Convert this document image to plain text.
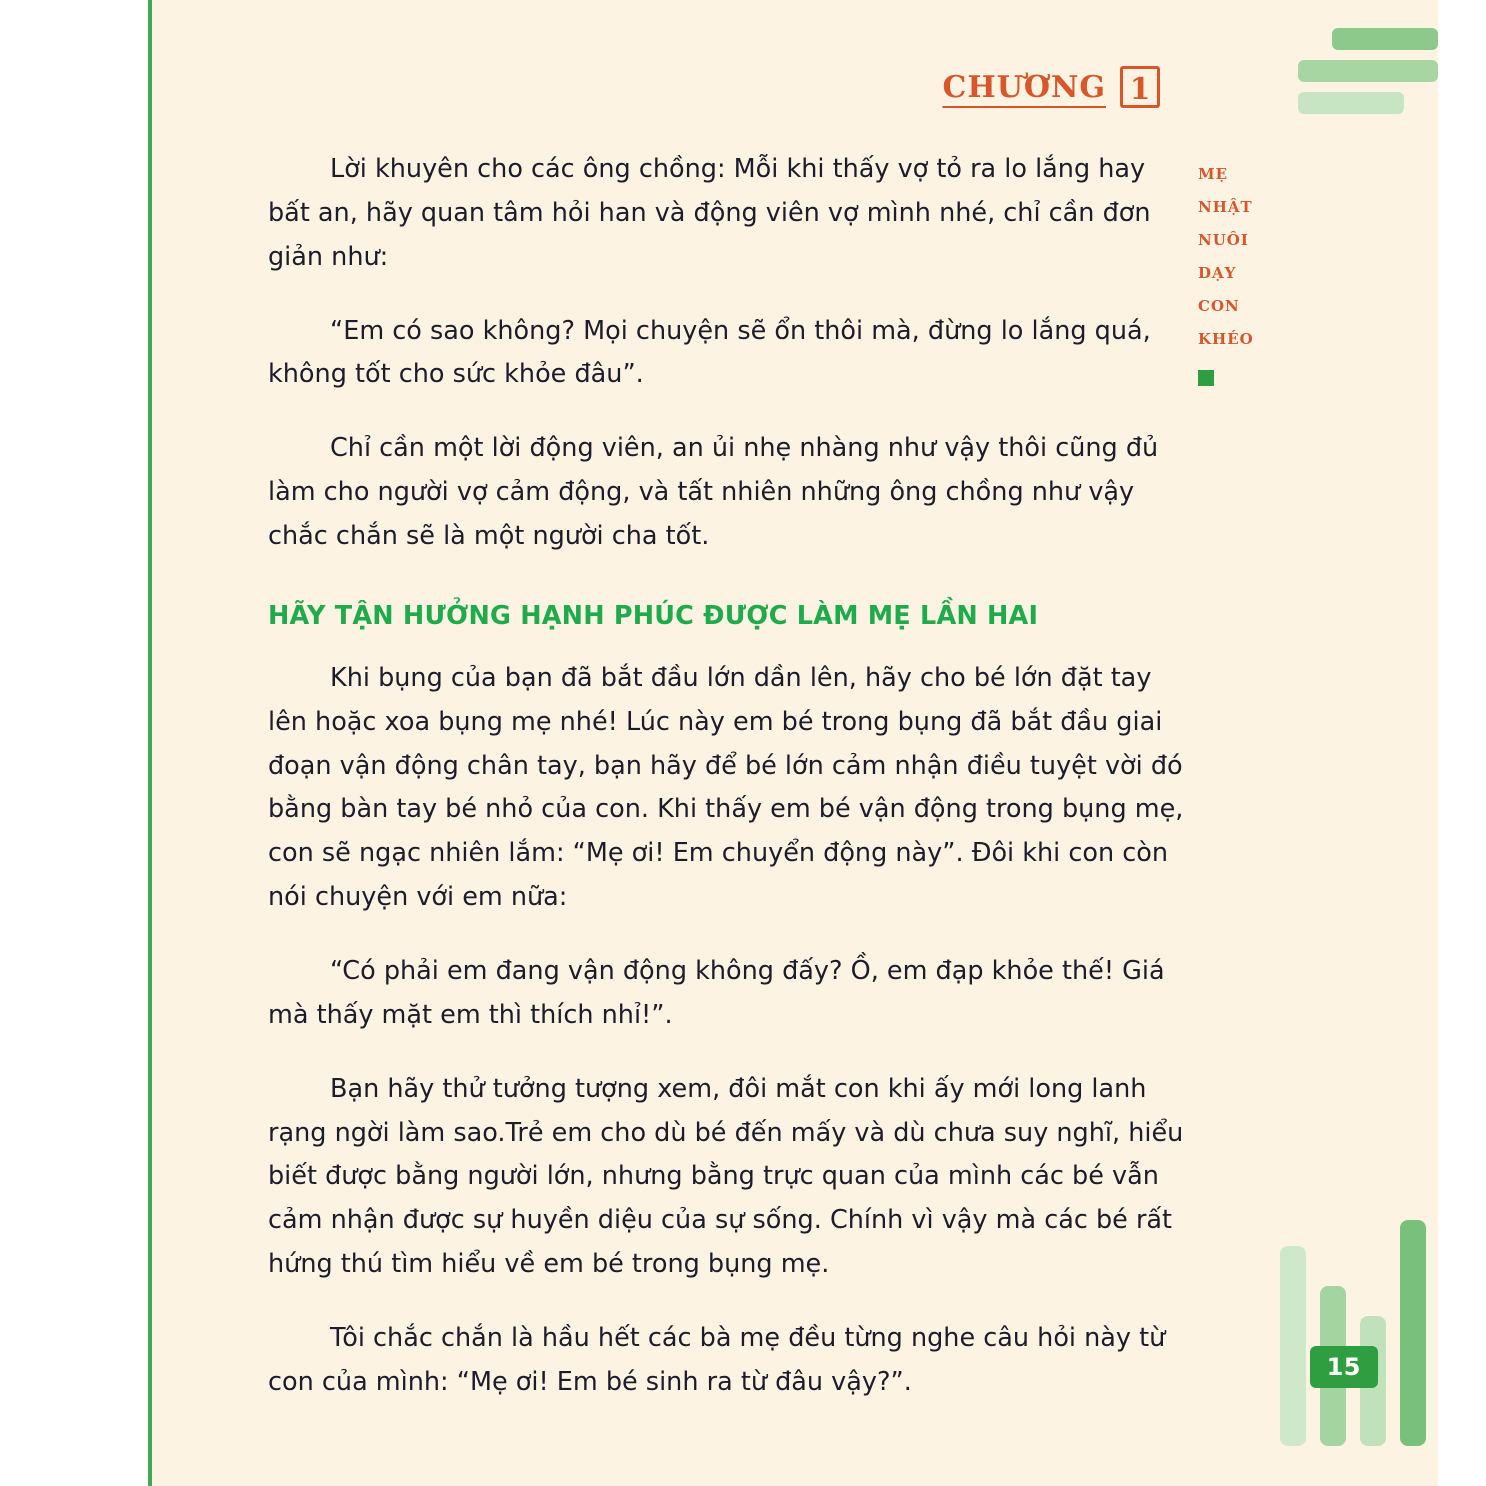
CHƯƠNG 1
MẸ
NHẬT
NUÔI
DẠY
CON
KHÉO

Lời khuyên cho các ông chồng: Mỗi khi thấy vợ tỏ ra lo lắng hay bất an, hãy quan tâm hỏi han và động viên vợ mình nhé, chỉ cần đơn giản như:

“Em có sao không? Mọi chuyện sẽ ổn thôi mà, đừng lo lắng quá, không tốt cho sức khỏe đâu”.

Chỉ cần một lời động viên, an ủi nhẹ nhàng như vậy thôi cũng đủ làm cho người vợ cảm động, và tất nhiên những ông chồng như vậy chắc chắn sẽ là một người cha tốt.

HÃY TẬN HƯỞNG HẠNH PHÚC ĐƯỢC LÀM MẸ LẦN HAI

Khi bụng của bạn đã bắt đầu lớn dần lên, hãy cho bé lớn đặt tay lên hoặc xoa bụng mẹ nhé! Lúc này em bé trong bụng đã bắt đầu giai đoạn vận động chân tay, bạn hãy để bé lớn cảm nhận điều tuyệt vời đó bằng bàn tay bé nhỏ của con. Khi thấy em bé vận động trong bụng mẹ, con sẽ ngạc nhiên lắm: “Mẹ ơi! Em chuyển động này”. Đôi khi con còn nói chuyện với em nữa:

“Có phải em đang vận động không đấy? Ồ, em đạp khỏe thế! Giá mà thấy mặt em thì thích nhỉ!”.

Bạn hãy thử tưởng tượng xem, đôi mắt con khi ấy mới long lanh rạng ngời làm sao.Trẻ em cho dù bé đến mấy và dù chưa suy nghĩ, hiểu biết được bằng người lớn, nhưng bằng trực quan của mình các bé vẫn cảm nhận được sự huyền diệu của sự sống. Chính vì vậy mà các bé rất hứng thú tìm hiểu về em bé trong bụng mẹ.

Tôi chắc chắn là hầu hết các bà mẹ đều từng nghe câu hỏi này từ con của mình: “Mẹ ơi! Em bé sinh ra từ đâu vậy?”.	15
